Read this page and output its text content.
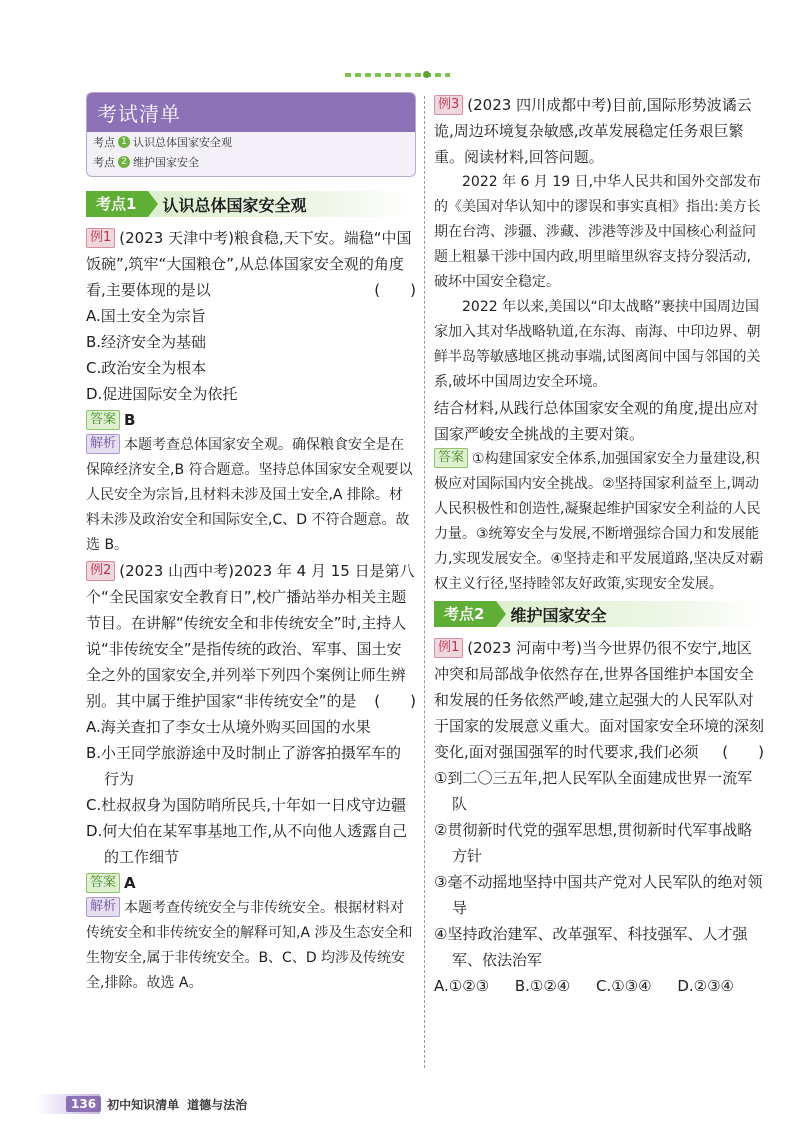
考试清单
考点 1 认识总体国家安全观
考点 2 维护国家安全
考点1	认识总体国家安全观

例1 (2023 天津中考)粮食稳,天下安。端稳“中国饭碗”,筑牢“大国粮仓”,从总体国家安全观的角度看,主要体现的是以	(　　)

A.国土安全为宗旨

B.经济安全为基础

C.政治安全为根本

D.促进国际安全为依托

答案 B

解析 本题考查总体国家安全观。确保粮食安全是在保障经济安全,B 符合题意。坚持总体国家安全观要以人民安全为宗旨,且材料未涉及国土安全,A 排除。材料未涉及政治安全和国际安全,C、D 不符合题意。故选 B。

例2 (2023 山西中考)2023 年 4 月 15 日是第八个“全民国家安全教育日”,校广播站举办相关主题节目。在讲解“传统安全和非传统安全”时,主持人说“非传统安全”是指传统的政治、军事、国土安全之外的国家安全,并列举下列四个案例让师生辨别。其中属于维护国家“非传统安全”的是 (　　)

A.海关查扣了李女士从境外购买回国的水果

B.小王同学旅游途中及时制止了游客拍摄军车的行为

C.杜叔叔身为国防哨所民兵,十年如一日戍守边疆

D.何大伯在某军事基地工作,从不向他人透露自己的工作细节

答案 A

解析 本题考查传统安全与非传统安全。根据材料对传统安全和非传统安全的解释可知,A 涉及生态安全和生物安全,属于非传统安全。B、C、D 均涉及传统安全,排除。故选 A。

例3 (2023 四川成都中考)目前,国际形势波谲云诡,周边环境复杂敏感,改革发展稳定任务艰巨繁重。阅读材料,回答问题。

2022 年 6 月 19 日,中华人民共和国外交部发布的《美国对华认知中的谬误和事实真相》指出:美方长期在台湾、涉疆、涉藏、涉港等涉及中国核心利益问题上粗暴干涉中国内政,明里暗里纵容支持分裂活动,破坏中国安全稳定。

2022 年以来,美国以“印太战略”裹挟中国周边国家加入其对华战略轨道,在东海、南海、中印边界、朝鲜半岛等敏感地区挑动事端,试图离间中国与邻国的关系,破坏中国周边安全环境。

结合材料,从践行总体国家安全观的角度,提出应对国家严峻安全挑战的主要对策。

答案 ①构建国家安全体系,加强国家安全力量建设,积极应对国际国内安全挑战。②坚持国家利益至上,调动人民积极性和创造性,凝聚起维护国家安全利益的人民力量。③统筹安全与发展,不断增强综合国力和发展能力,实现发展安全。④坚持走和平发展道路,坚决反对霸权主义行径,坚持睦邻友好政策,实现安全发展。

考点2	维护国家安全

例1 (2023 河南中考)当今世界仍很不安宁,地区冲突和局部战争依然存在,世界各国维护本国安全和发展的任务依然严峻,建立起强大的人民军队对于国家的发展意义重大。面对国家安全环境的深刻变化,面对强国强军的时代要求,我们必须 (　　)

①到二〇三五年,把人民军队全面建成世界一流军队

②贯彻新时代党的强军思想,贯彻新时代军事战略方针

③毫不动摇地坚持中国共产党对人民军队的绝对领导

④坚持政治建军、改革强军、科技强军、人才强军、依法治军

A.①②③ B.①②④ C.①③④ D.②③④
136 初中知识清单 道德与法治
